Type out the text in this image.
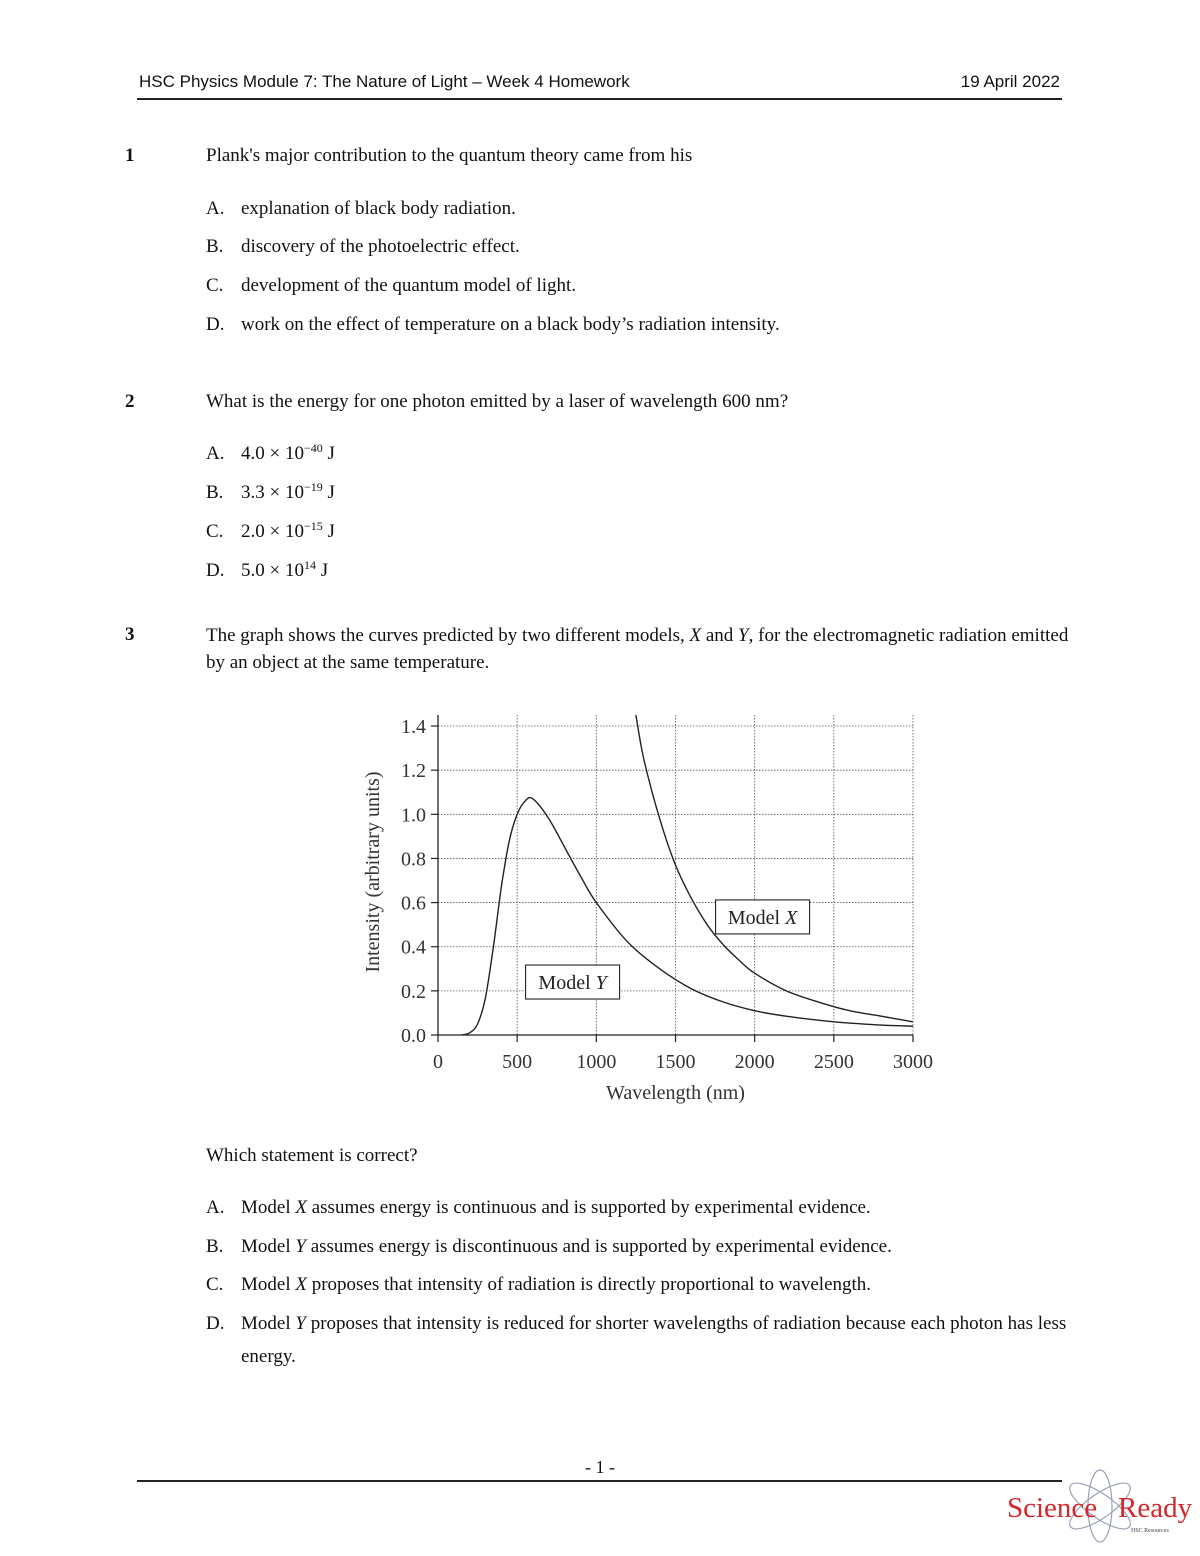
HSC Physics Module 7: The Nature of Light – Week 4 Homework	19 April 2022
1	Plank's major contribution to the quantum theory came from his
A. explanation of black body radiation.
B. discovery of the photoelectric effect.
C. development of the quantum model of light.
D. work on the effect of temperature on a black body’s radiation intensity.
2	What is the energy for one photon emitted by a laser of wavelength 600 nm?
A. $4.0 \times 10^{-40}$ J
B. $3.3 \times 10^{-19}$ J
C. $2.0 \times 10^{-15}$ J
D. $5.0 \times 10^{14}$ J
3	The graph shows the curves predicted by two different models, X and Y, for the electromagnetic radiation emitted by an object at the same temperature.
0	500 1000 1500 2000 2500 3000
0.0
0.2
0.4
0.6
0.8
1.0
1.2
1.4
Wavelength (nm)
Intensity (arbitrary units)
Model Y
Model X
Which statement is correct?
A. Model X assumes energy is continuous and is supported by experimental evidence.
B. Model Y assumes energy is discontinuous and is supported by experimental evidence.
C. Model X proposes that intensity of radiation is directly proportional to wavelength.
D. Model Y proposes that intensity is reduced for shorter wavelengths of radiation because each photon has less energy.
- 1 -
Science Ready
HSC Resources
